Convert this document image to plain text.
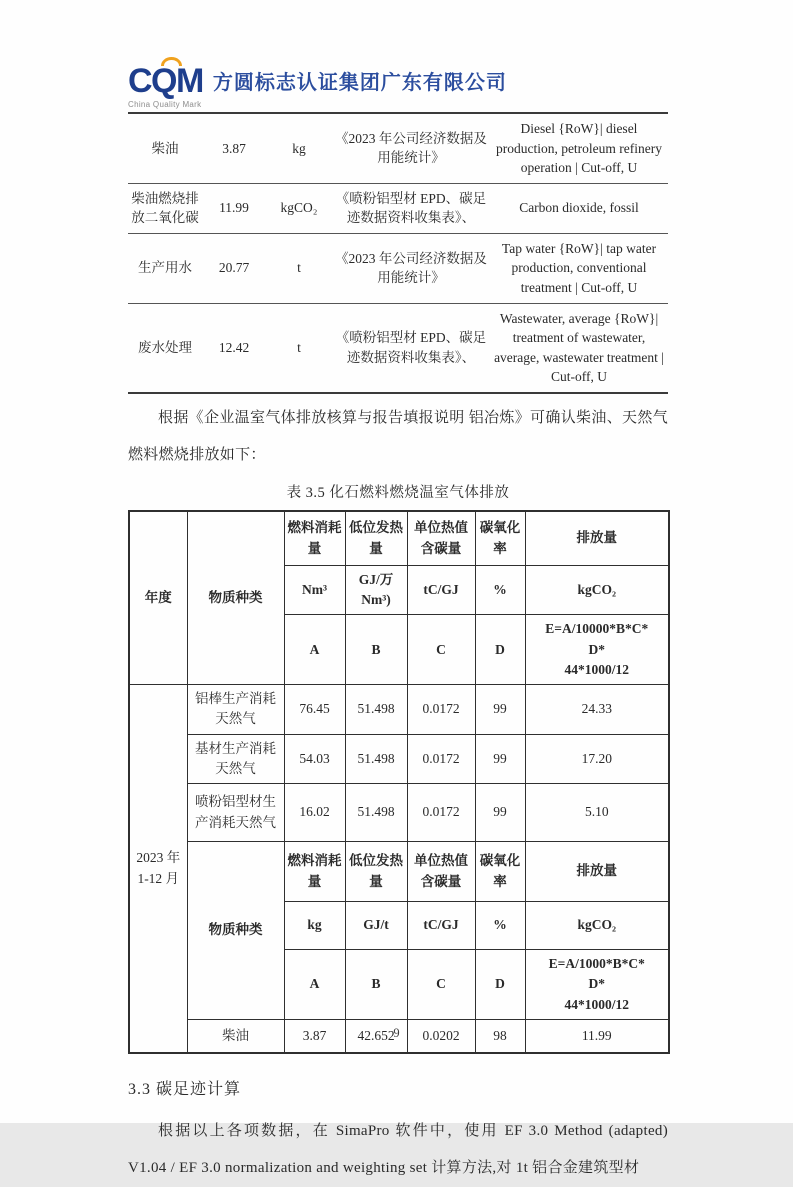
CQM
China Quality Mark
方圆标志认证集团广东有限公司
柴油	3.87	kg	《2023 年公司经济数据及用能统计》	Diesel {RoW}| diesel production, petroleum refinery operation | Cut-off, U
柴油燃烧排放二氧化碳	11.99	kgCO₂	《喷粉铝型材 EPD、碳足迹数据资料收集表》、	Carbon dioxide, fossil
生产用水	20.77	t	《2023 年公司经济数据及用能统计》	Tap water {RoW}| tap water production, conventional treatment | Cut-off, U
废水处理	12.42	t	《喷粉铝型材 EPD、碳足迹数据资料收集表》、	Wastewater, average {RoW}| treatment of wastewater, average, wastewater treatment | Cut-off, U

根据《企业温室气体排放核算与报告填报说明 铝冶炼》可确认柴油、天然气燃料燃烧排放如下：

表 3.5 化石燃料燃烧温室气体排放
年度	物质种类	燃料消耗量	低位发热量	单位热值含碳量	碳氧化率	排放量
		Nm³	GJ/万Nm³)	tC/GJ	%	kgCO₂
		A	B	C	D	E=A/10000*B*C*
D*
44*1000/12

2023 年 1-12 月	铝棒生产消耗天然气	76.45	51.498	0.0172	99	24.33
	基材生产消耗天然气	54.03	51.498	0.0172	99	17.20
	喷粉铝型材生产消耗天然气	16.02	51.498	0.0172	99	5.10
	物质种类	燃料消耗量	低位发热量	单位热值含碳量	碳氧化率	排放量
		kg	GJ/t	tC/GJ	%	kgCO₂
		A	B	C	D	E=A/1000*B*C*
D*
44*1000/12

	柴油	3.87	42.652	0.0202	98	11.99
3.3 碳足迹计算

根据以上各项数据，在 SimaPro 软件中，使用 EF 3.0 Method (adapted) V1.04 / EF 3.0 normalization and weighting set 计算方法,对 1t 铝合金建筑型材

9
